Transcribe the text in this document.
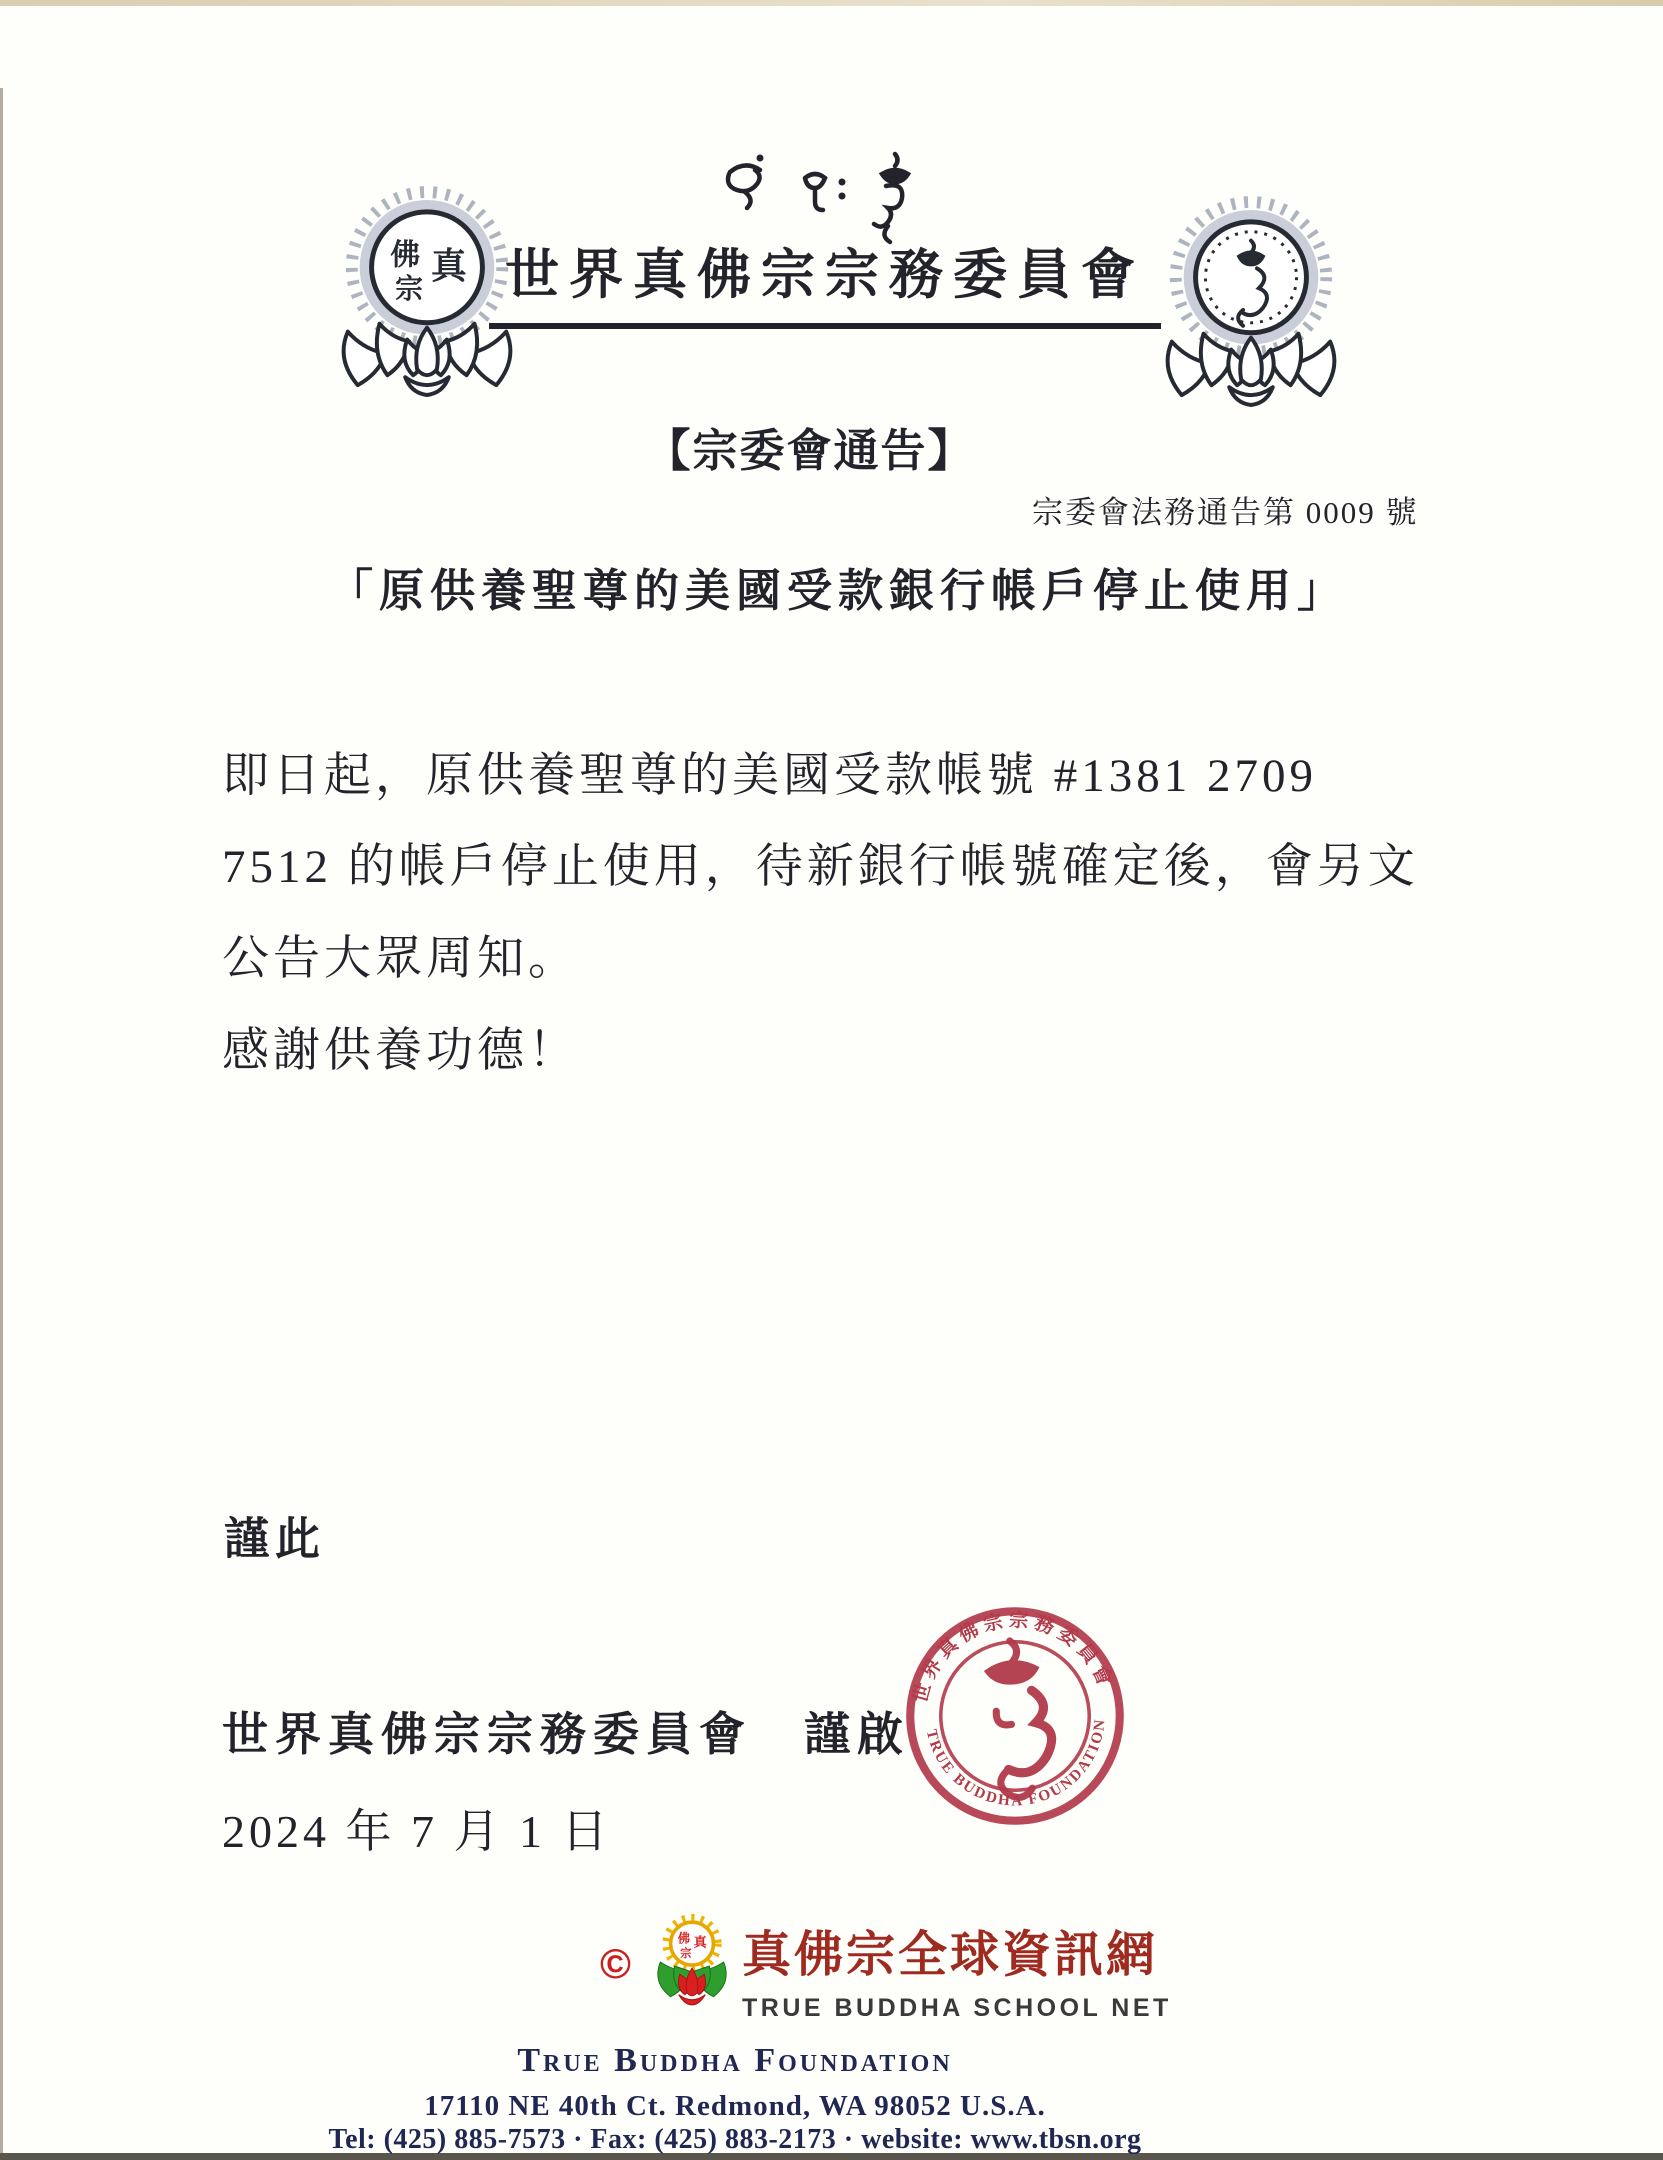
佛 真
宗 世界真佛宗宗務委員會
【宗委會通告】
宗委會法務通告第 0009 號
「原供養聖尊的美國受款銀行帳戶停止使用」
即日起，原供養聖尊的美國受款帳號 #1381 2709
7512 的帳戶停止使用，待新銀行帳號確定後，會另文
公告大眾周知。
感謝供養功德！
謹此
世界真佛宗宗務委員會 謹啟
2024 年 7 月 1 日
世界真佛宗宗務委員會
TRUE BUDDHA FOUNDATION
©
佛 真
宗 真佛宗全球資訊網
TRUE BUDDHA SCHOOL NET
True Buddha Foundation
17110 NE 40th Ct. Redmond, WA 98052 U.S.A.
Tel: (425) 885-7573 · Fax: (425) 883-2173 · website: www.tbsn.org
